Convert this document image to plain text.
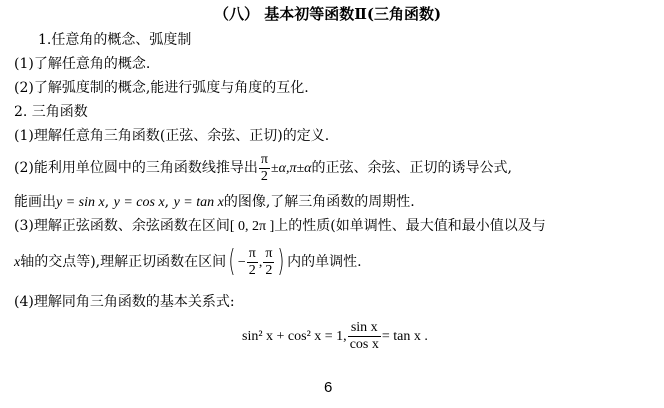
（八） 基本初等函数Ⅱ(三角函数)
1.任意角的概念、弧度制
(1)了解任意角的概念.
(2)了解弧度制的概念,能进行弧度与角度的互化.
2. 三角函数
(1)理解任意角三角函数(正弦、余弦、正切)的定义.
(2)能利用单位圆中的三角函数线推导出 $\frac{\pi}{2} \pm\alpha,\pi\pm\alpha$的正弦、余弦、正切的诱导公式,
能画出y = sin x, y = cos x, y = tan x的图像,了解三角函数的周期性.
(3)理解正弦函数、余弦函数在区间[ 0, 2π ]上的性质(如单调性、最大值和最小值以及与
x轴的交点等),理解正切函数在区间( − $\frac{\pi}{2}$ , $\frac{\pi}{2}$ ) 内的单调性.
(4)理解同角三角函数的基本关系式:
sin² x + cos² x = 1, $\frac{\text{sin x}}{\text{cos x}} = \tan x$ .
6
